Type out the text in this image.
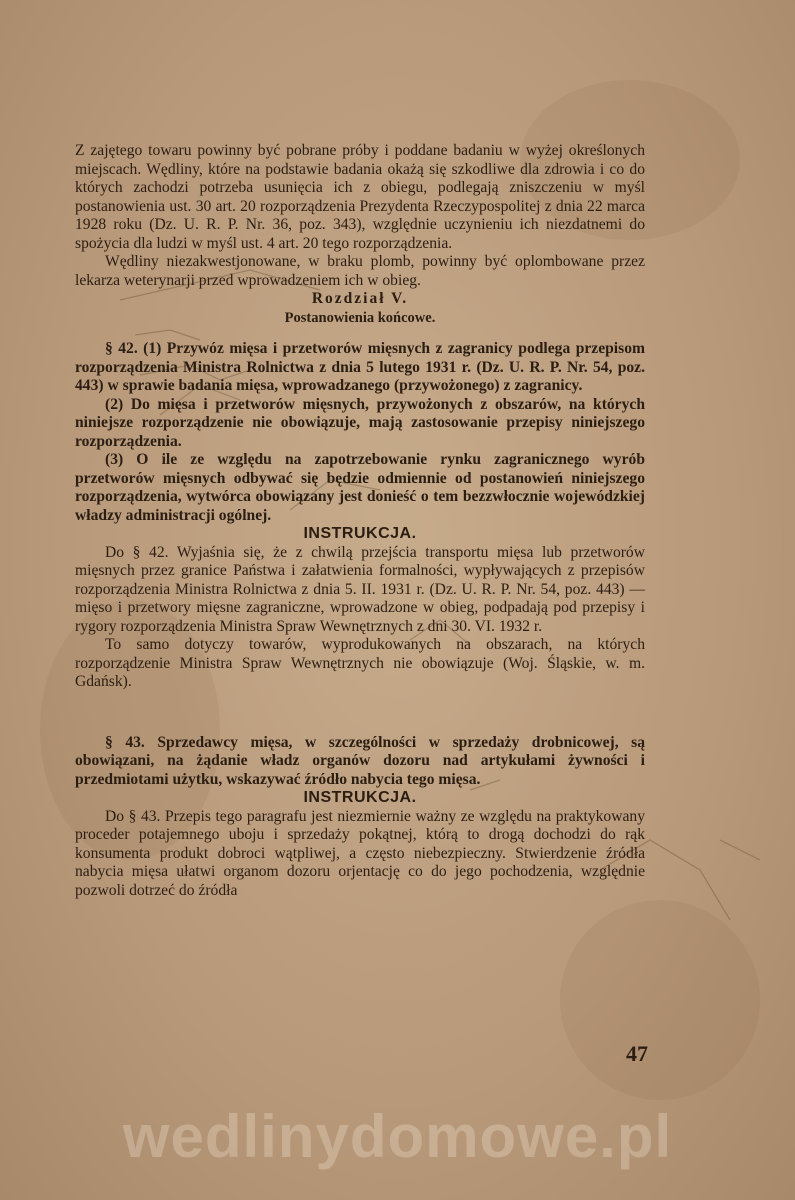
Z zajętego towaru powinny być pobrane próby i poddane badaniu w wyżej określonych miejscach. Wędliny, które na podstawie badania okażą się szkodliwe dla zdrowia i co do których zachodzi potrzeba usunięcia ich z obiegu, podlegają zniszczeniu w myśl postanowienia ust. 30 art. 20 rozporządzenia Prezydenta Rzeczypospolitej z dnia 22 marca 1928 roku (Dz. U. R. P. Nr. 36, poz. 343), względnie uczynieniu ich niezdatnemi do spożycia dla ludzi w myśl ust. 4 art. 20 tego rozporządzenia.

Wędliny niezakwestjonowane, w braku plomb, powinny być oplombowane przez lekarza weterynarji przed wprowadzeniem ich w obieg.

Rozdział V.

Postanowienia końcowe.

§ 42. (1) Przywóz mięsa i przetworów mięsnych z zagranicy podlega przepisom rozporządzenia Ministra Rolnictwa z dnia 5 lutego 1931 r. (Dz. U. R. P. Nr. 54, poz. 443) w sprawie badania mięsa, wprowadzanego (przywożonego) z zagranicy.

(2) Do mięsa i przetworów mięsnych, przywożonych z obszarów, na których niniejsze rozporządzenie nie obowiązuje, mają zastosowanie przepisy niniejszego rozporządzenia.

(3) O ile ze względu na zapotrzebowanie rynku zagranicznego wyrób przetworów mięsnych odbywać się będzie odmiennie od postanowień niniejszego rozporządzenia, wytwórca obowiązany jest donieść o tem bezzwłocznie wojewódzkiej władzy administracji ogólnej.

INSTRUKCJA.

Do § 42. Wyjaśnia się, że z chwilą przejścia transportu mięsa lub przetworów mięsnych przez granice Państwa i załatwienia formalności, wypływających z przepisów rozporządzenia Ministra Rolnictwa z dnia 5. II. 1931 r. (Dz. U. R. P. Nr. 54, poz. 443) — mięso i przetwory mięsne zagraniczne, wprowadzone w obieg, podpadają pod przepisy i rygory rozporządzenia Ministra Spraw Wewnętrznych z dni 30. VI. 1932 r.

To samo dotyczy towarów, wyprodukowanych na obszarach, na których rozporządzenie Ministra Spraw Wewnętrznych nie obowiązuje (Woj. Śląskie, w. m. Gdańsk).

§ 43. Sprzedawcy mięsa, w szczególności w sprzedaży drobnicowej, są obowiązani, na żądanie władz organów dozoru nad artykułami żywności i przedmiotami użytku, wskazywać źródło nabycia tego mięsa.

INSTRUKCJA.

Do § 43. Przepis tego paragrafu jest niezmiernie ważny ze względu na praktykowany proceder potajemnego uboju i sprzedaży pokątnej, którą to drogą dochodzi do rąk konsumenta produkt dobroci wątpliwej, a często niebezpieczny. Stwierdzenie źródła nabycia mięsa ułatwi organom dozoru orjentację co do jego pochodzenia, względnie pozwoli dotrzeć do źródła

47
wedlinydomowe.pl
